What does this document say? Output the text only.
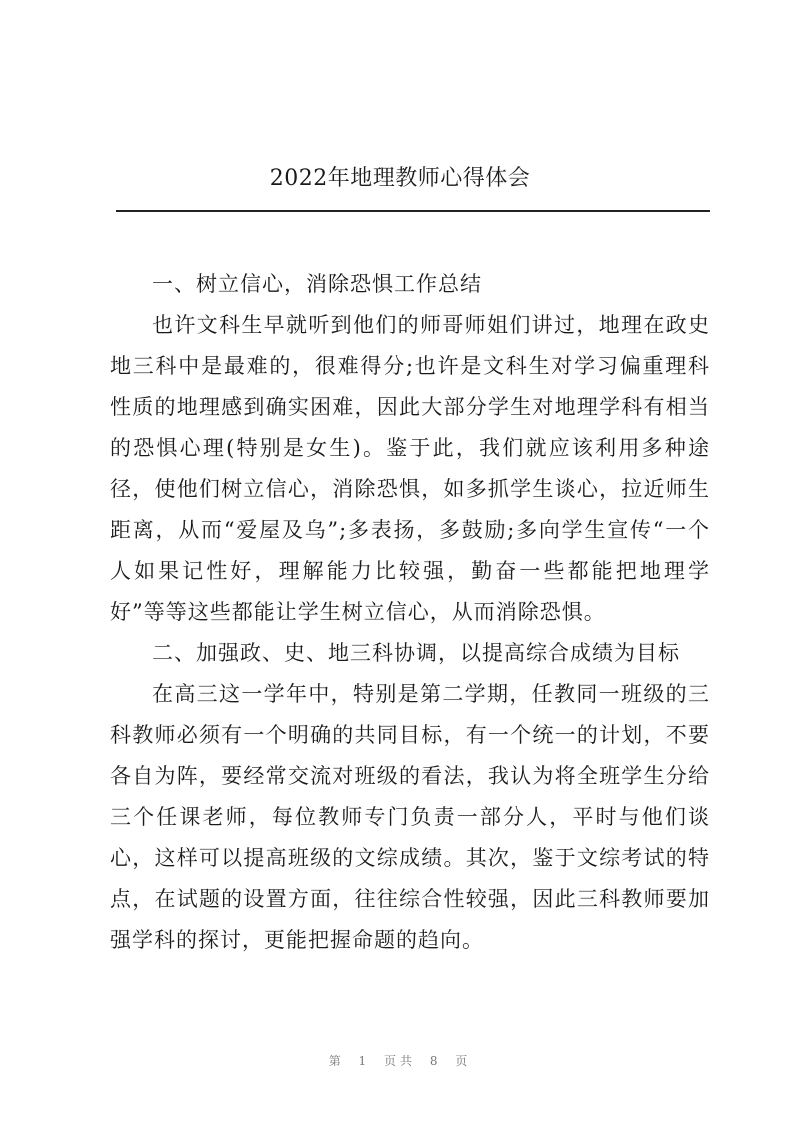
2022年地理教师心得体会

一、树立信心，消除恐惧工作总结

也许文科生早就听到他们的师哥师姐们讲过，地理在政史地三科中是最难的，很难得分;也许是文科生对学习偏重理科性质的地理感到确实困难，因此大部分学生对地理学科有相当的恐惧心理(特别是女生)。鉴于此，我们就应该利用多种途径，使他们树立信心，消除恐惧，如多抓学生谈心，拉近师生距离，从而“爱屋及乌”;多表扬，多鼓励;多向学生宣传“一个人如果记性好，理解能力比较强，勤奋一些都能把地理学好”等等这些都能让学生树立信心，从而消除恐惧。

二、加强政、史、地三科协调，以提高综合成绩为目标

在高三这一学年中，特别是第二学期，任教同一班级的三科教师必须有一个明确的共同目标，有一个统一的计划，不要各自为阵，要经常交流对班级的看法，我认为将全班学生分给三个任课老师，每位教师专门负责一部分人，平时与他们谈心，这样可以提高班级的文综成绩。其次，鉴于文综考试的特点，在试题的设置方面，往往综合性较强，因此三科教师要加强学科的探讨，更能把握命题的趋向。

第 1 页共 8 页
